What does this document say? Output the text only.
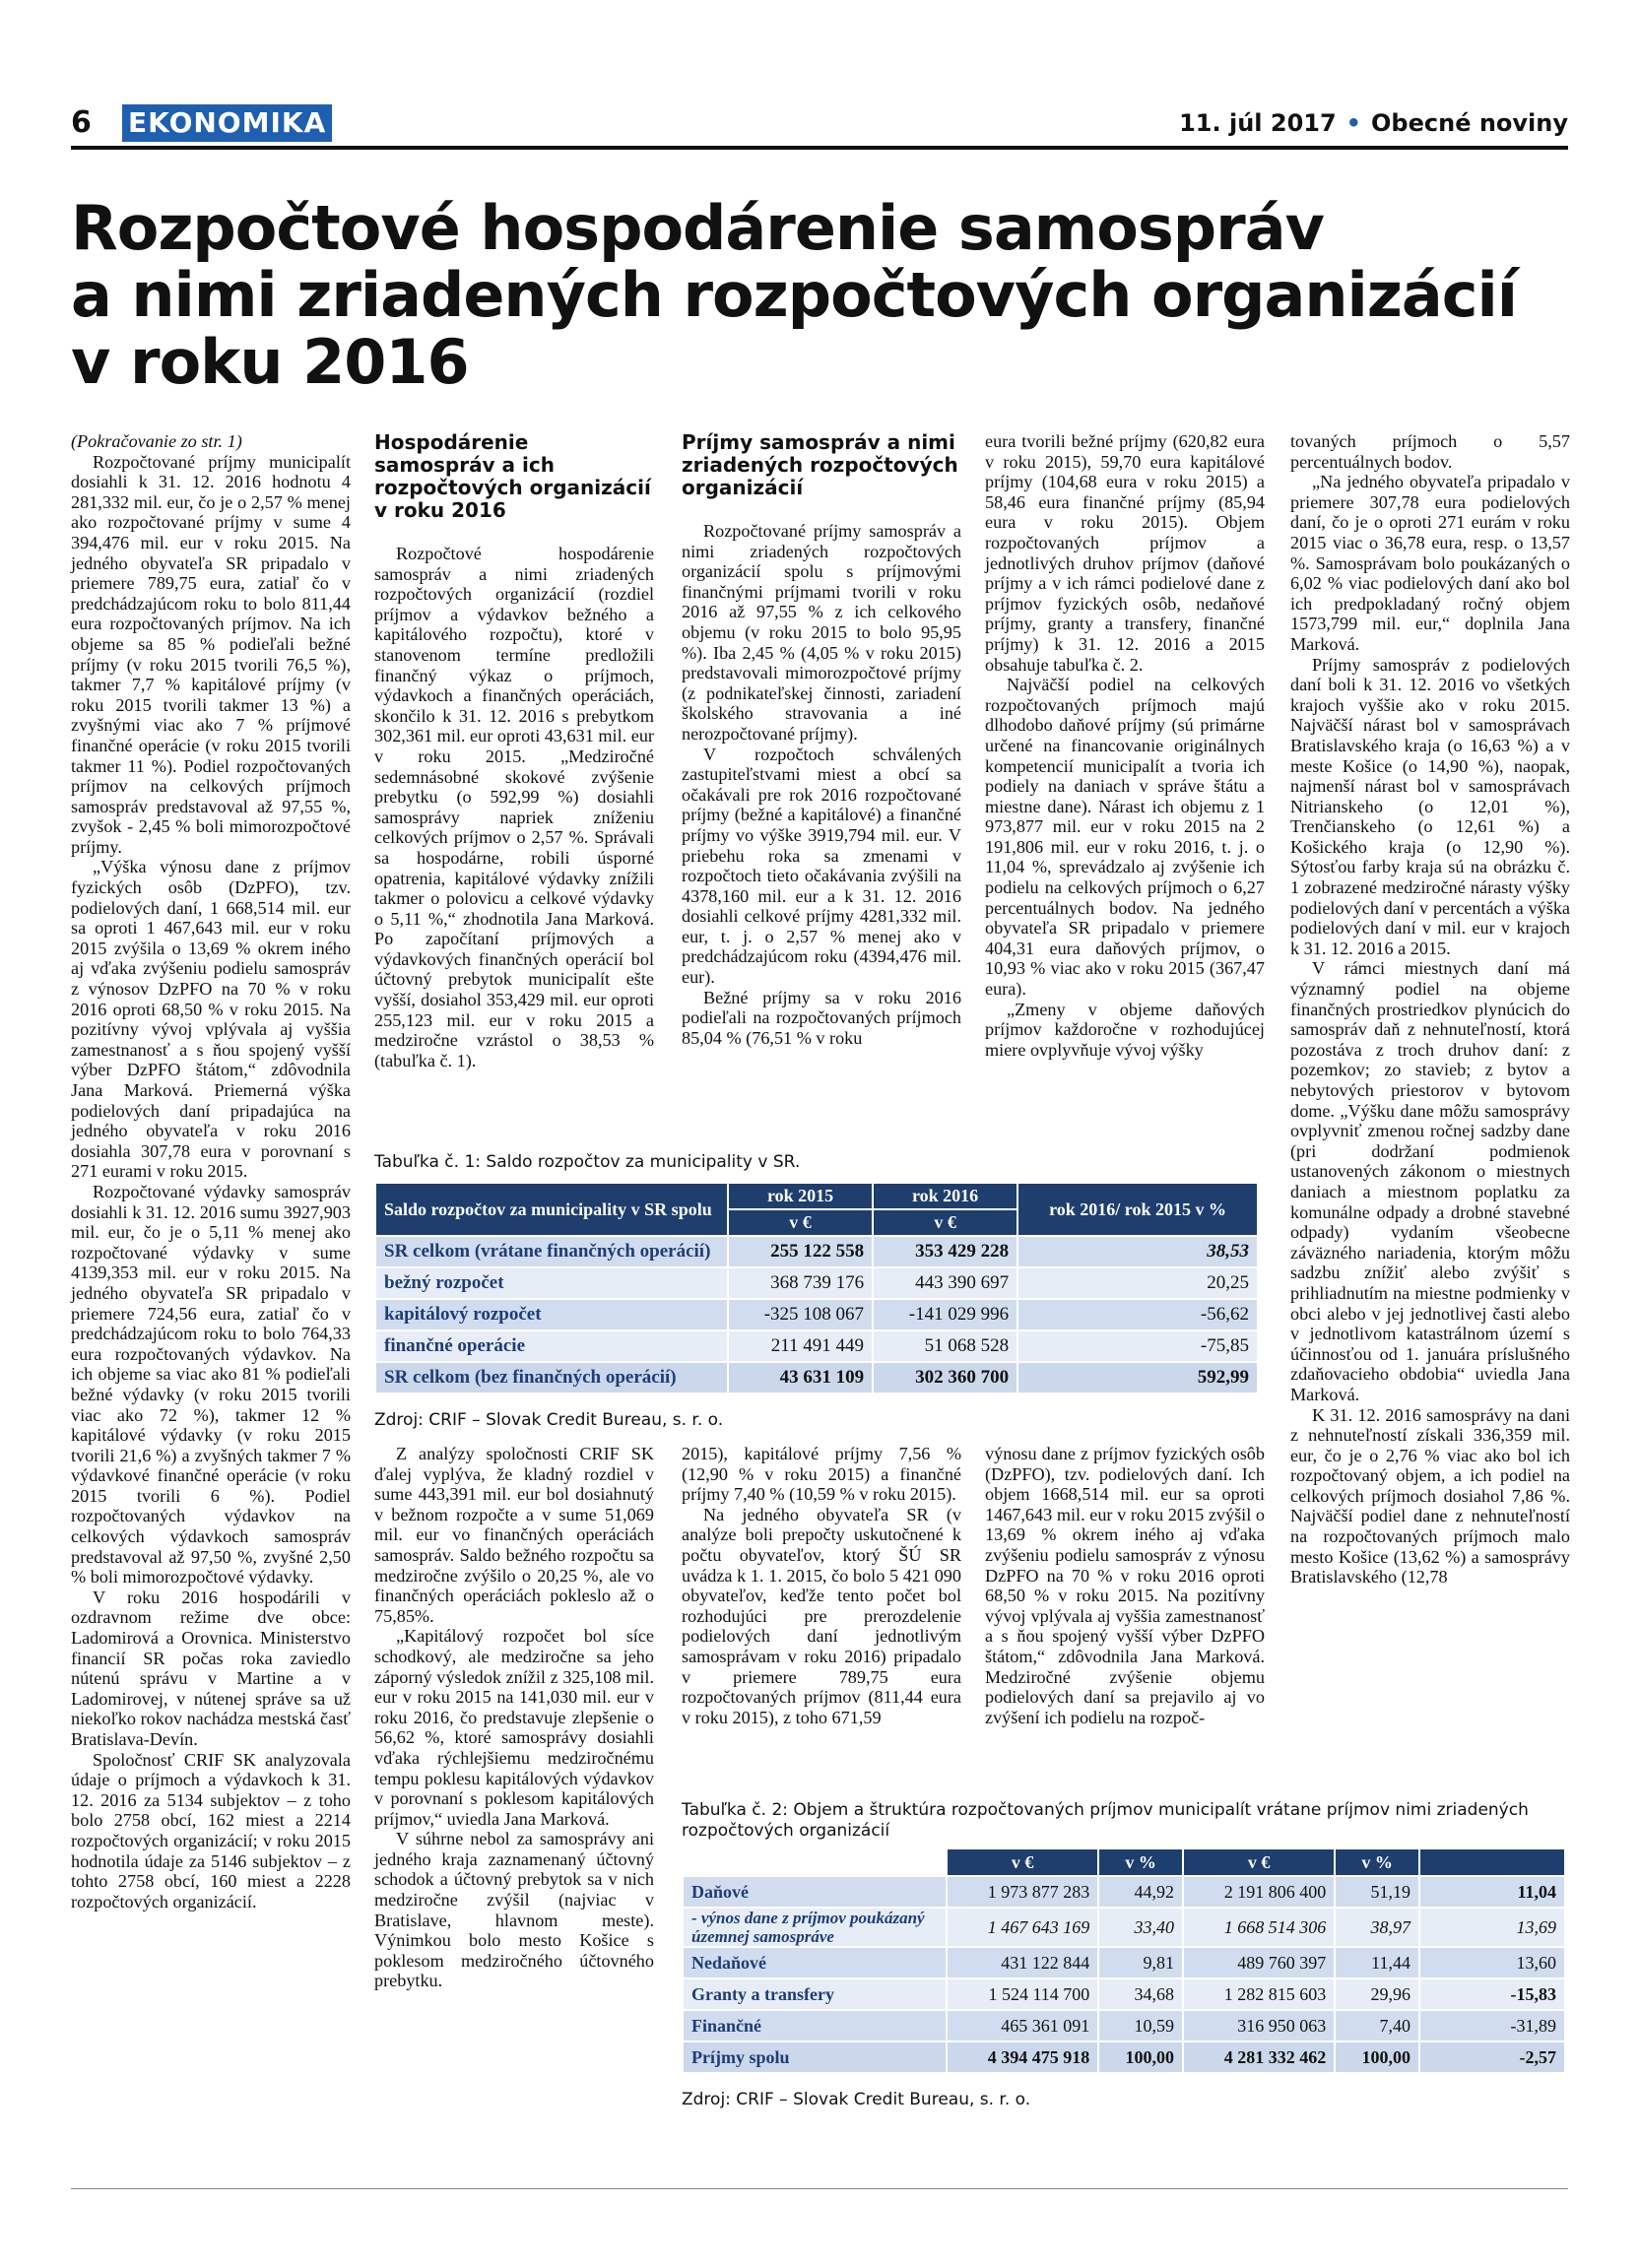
6 EKONOMIKA	11. júl 2017 • Obecné noviny
Rozpočtové hospodárenie samospráv
a nimi zriadených rozpočtových organizácií
v roku 2016

(Pokračovanie zo str. 1)

Rozpočtované príjmy municipalít dosiahli k 31. 12. 2016 hodnotu 4 281,332 mil. eur, čo je o 2,57 % menej ako rozpočtované príjmy v sume 4 394,476 mil. eur v roku 2015. Na jedného obyvateľa SR pripadalo v priemere 789,75 eura, zatiaľ čo v predchádzajúcom roku to bolo 811,44 eura rozpočtovaných príjmov. Na ich objeme sa 85 % podieľali bežné príjmy (v roku 2015 tvorili 76,5 %), takmer 7,7 % kapitálové príjmy (v roku 2015 tvorili takmer 13 %) a zvyšnými viac ako 7 % príjmové finančné operácie (v roku 2015 tvorili takmer 11 %). Podiel rozpočtovaných príjmov na celkových príjmoch samospráv predstavoval až 97,55 %, zvyšok - 2,45 % boli mimorozpočtové príjmy.

„Výška výnosu dane z príjmov fyzických osôb (DzPFO), tzv. podielových daní, 1 668,514 mil. eur sa oproti 1 467,643 mil. eur v roku 2015 zvýšila o 13,69 % okrem iného aj vďaka zvýšeniu podielu samospráv z výnosov DzPFO na 70 % v roku 2016 oproti 68,50 % v roku 2015. Na pozitívny vývoj vplývala aj vyššia zamestnanosť a s ňou spojený vyšší výber DzPFO štátom,“ zdôvodnila Jana Marková. Priemerná výška podielových daní pripadajúca na jedného obyvateľa v roku 2016 dosiahla 307,78 eura v porovnaní s 271 eurami v roku 2015.

Rozpočtované výdavky samospráv dosiahli k 31. 12. 2016 sumu 3927,903 mil. eur, čo je o 5,11 % menej ako rozpočtované výdavky v sume 4139,353 mil. eur v roku 2015. Na jedného obyvateľa SR pripadalo v priemere 724,56 eura, zatiaľ čo v predchádzajúcom roku to bolo 764,33 eura rozpočtovaných výdavkov. Na ich objeme sa viac ako 81 % podieľali bežné výdavky (v roku 2015 tvorili viac ako 72 %), takmer 12 % kapitálové výdavky (v roku 2015 tvorili 21,6 %) a zvyšných takmer 7 % výdavkové finančné operácie (v roku 2015 tvorili 6 %). Podiel rozpočtovaných výdavkov na celkových výdavkoch samospráv predstavoval až 97,50 %, zvyšné 2,50 % boli mimorozpočtové výdavky.

V roku 2016 hospodárili v ozdravnom režime dve obce: Ladomirová a Orovnica. Ministerstvo financií SR počas roka zaviedlo nútenú správu v Martine a v Ladomirovej, v nútenej správe sa už niekoľko rokov nachádza mestská časť Bratislava-Devín.

Spoločnosť CRIF SK analyzovala údaje o príjmoch a výdavkoch k 31. 12. 2016 za 5134 subjektov – z toho bolo 2758 obcí, 162 miest a 2214 rozpočtových organizácií; v roku 2015 hodnotila údaje za 5146 subjektov – z tohto 2758 obcí, 160 miest a 2228 rozpočtových organizácií.

Hospodárenie samospráv a ich rozpočtových organizácií v roku 2016

Rozpočtové hospodárenie samospráv a nimi zriadených rozpočtových organizácií (rozdiel príjmov a výdavkov bežného a kapitálového rozpočtu), ktoré v stanovenom termíne predložili finančný výkaz o príjmoch, výdavkoch a finančných operáciách, skončilo k 31. 12. 2016 s prebytkom 302,361 mil. eur oproti 43,631 mil. eur v roku 2015. „Medziročné sedemnásobné skokové zvýšenie prebytku (o 592,99 %) dosiahli samosprávy napriek zníženiu celkových príjmov o 2,57 %. Správali sa hospodárne, robili úsporné opatrenia, kapitálové výdavky znížili takmer o polovicu a celkové výdavky o 5,11 %,“ zhodnotila Jana Marková. Po započítaní príjmových a výdavkových finančných operácií bol účtovný prebytok municipalít ešte vyšší, dosiahol 353,429 mil. eur oproti 255,123 mil. eur v roku 2015 a medziročne vzrástol o 38,53 % (tabuľka č. 1).

Príjmy samospráv a nimi zriadených rozpočtových organizácií

Rozpočtované príjmy samospráv a nimi zriadených rozpočtových organizácií spolu s príjmovými finančnými príjmami tvorili v roku 2016 až 97,55 % z ich celkového objemu (v roku 2015 to bolo 95,95 %). Iba 2,45 % (4,05 % v roku 2015) predstavovali mimorozpočtové príjmy (z podnikateľskej činnosti, zariadení školského stravovania a iné nerozpočtované príjmy).

V rozpočtoch schválených zastupiteľstvami miest a obcí sa očakávali pre rok 2016 rozpočtované príjmy (bežné a kapitálové) a finančné príjmy vo výške 3919,794 mil. eur. V priebehu roka sa zmenami v rozpočtoch tieto očakávania zvýšili na 4378,160 mil. eur a k 31. 12. 2016 dosiahli celkové príjmy 4281,332 mil. eur, t. j. o 2,57 % menej ako v predchádzajúcom roku (4394,476 mil. eur).

Bežné príjmy sa v roku 2016 podieľali na rozpočtovaných príjmoch 85,04 % (76,51 % v roku

eura tvorili bežné príjmy (620,82 eura v roku 2015), 59,70 eura kapitálové príjmy (104,68 eura v roku 2015) a 58,46 eura finančné príjmy (85,94 eura v roku 2015). Objem rozpočtovaných príjmov a jednotlivých druhov príjmov (daňové príjmy a v ich rámci podielové dane z príjmov fyzických osôb, nedaňové príjmy, granty a transfery, finančné príjmy) k 31. 12. 2016 a 2015 obsahuje tabuľka č. 2.

Najväčší podiel na celkových rozpočtovaných príjmoch majú dlhodobo daňové príjmy (sú primárne určené na financovanie originálnych kompetencií municipalít a tvoria ich podiely na daniach v správe štátu a miestne dane). Nárast ich objemu z 1 973,877 mil. eur v roku 2015 na 2 191,806 mil. eur v roku 2016, t. j. o 11,04 %, sprevádzalo aj zvýšenie ich podielu na celkových príjmoch o 6,27 percentuálnych bodov. Na jedného obyvateľa SR pripadalo v priemere 404,31 eura daňových príjmov, o 10,93 % viac ako v roku 2015 (367,47 eura).

„Zmeny v objeme daňových príjmov každoročne v rozhodujúcej miere ovplyvňuje vývoj výšky

tovaných príjmoch o 5,57 percentuálnych bodov.

„Na jedného obyvateľa pripadalo v priemere 307,78 eura podielových daní, čo je o oproti 271 eurám v roku 2015 viac o 36,78 eura, resp. o 13,57 %. Samosprávam bolo poukázaných o 6,02 % viac podielových daní ako bol ich predpokladaný ročný objem 1573,799 mil. eur,“ doplnila Jana Marková.

Príjmy samospráv z podielových daní boli k 31. 12. 2016 vo všetkých krajoch vyššie ako v roku 2015. Najväčší nárast bol v samosprávach Bratislavského kraja (o 16,63 %) a v meste Košice (o 14,90 %), naopak, najmenší nárast bol v samosprávach Nitrianskeho (o 12,01 %), Trenčianskeho (o 12,61 %) a Košického kraja (o 12,90 %). Sýtosťou farby kraja sú na obrázku č. 1 zobrazené medziročné nárasty výšky podielových daní v percentách a výška podielových daní v mil. eur v krajoch k 31. 12. 2016 a 2015.

V rámci miestnych daní má významný podiel na objeme finančných prostriedkov plynúcich do samospráv daň z nehnuteľností, ktorá pozostáva z troch druhov daní: z pozemkov; zo stavieb; z bytov a nebytových priestorov v bytovom dome. „Výšku dane môžu samosprávy ovplyvniť zmenou ročnej sadzby dane (pri dodržaní podmienok ustanovených zákonom o miestnych daniach a miestnom poplatku za komunálne odpady a drobné stavebné odpady) vydaním všeobecne záväzného nariadenia, ktorým môžu sadzbu znížiť alebo zvýšiť s prihliadnutím na miestne podmienky v obci alebo v jej jednotlivej časti alebo v jednotlivom katastrálnom území s účinnosťou od 1. januára príslušného zdaňovacieho obdobia“ uviedla Jana Marková.

K 31. 12. 2016 samosprávy na dani z nehnuteľností získali 336,359 mil. eur, čo je o 2,76 % viac ako bol ich rozpočtovaný objem, a ich podiel na celkových príjmoch dosiahol 7,86 %. Najväčší podiel dane z nehnuteľností na rozpočtovaných príjmoch malo mesto Košice (13,62 %) a samosprávy Bratislavského (12,78

Tabuľka č. 1: Saldo rozpočtov za municipality v SR.
Saldo rozpočtov za municipality v SR spolu	rok 2015	rok 2016	rok 2016/ rok 2015 v %
	v €	v €	
SR celkom (vrátane finančných operácií)	255 122 558	353 429 228	38,53
bežný rozpočet	368 739 176	443 390 697	20,25
kapitálový rozpočet	-325 108 067	-141 029 996	-56,62
finančné operácie	211 491 449	51 068 528	-75,85
SR celkom (bez finančných operácií)	43 631 109	302 360 700	592,99
Zdroj: CRIF – Slovak Credit Bureau, s. r. o.

Z analýzy spoločnosti CRIF SK ďalej vyplýva, že kladný rozdiel v sume 443,391 mil. eur bol dosiahnutý v bežnom rozpočte a v sume 51,069 mil. eur vo finančných operáciách samospráv. Saldo bežného rozpočtu sa medziročne zvýšilo o 20,25 %, ale vo finančných operáciách pokleslo až o 75,85%.

„Kapitálový rozpočet bol síce schodkový, ale medziročne sa jeho záporný výsledok znížil z 325,108 mil. eur v roku 2015 na 141,030 mil. eur v roku 2016, čo predstavuje zlepšenie o 56,62 %, ktoré samosprávy dosiahli vďaka rýchlejšiemu medziročnému tempu poklesu kapitálových výdavkov v porovnaní s poklesom kapitálových príjmov,“ uviedla Jana Marková.

V súhrne nebol za samosprávy ani jedného kraja zaznamenaný účtovný schodok a účtovný prebytok sa v nich medziročne zvýšil (najviac v Bratislave, hlavnom meste). Výnimkou bolo mesto Košice s poklesom medziročného účtovného prebytku.

2015), kapitálové príjmy 7,56 % (12,90 % v roku 2015) a finančné príjmy 7,40 % (10,59 % v roku 2015).

Na jedného obyvateľa SR (v analýze boli prepočty uskutočnené k počtu obyvateľov, ktorý ŠÚ SR uvádza k 1. 1. 2015, čo bolo 5 421 090 obyvateľov, keďže tento počet bol rozhodujúci pre prerozdelenie podielových daní jednotlivým samosprávam v roku 2016) pripadalo v priemere 789,75 eura rozpočtovaných príjmov (811,44 eura v roku 2015), z toho 671,59

výnosu dane z príjmov fyzických osôb (DzPFO), tzv. podielových daní. Ich objem 1668,514 mil. eur sa oproti 1467,643 mil. eur v roku 2015 zvýšil o 13,69 % okrem iného aj vďaka zvýšeniu podielu samospráv z výnosu DzPFO na 70 % v roku 2016 oproti 68,50 % v roku 2015. Na pozitívny vývoj vplývala aj vyššia zamestnanosť a s ňou spojený vyšší výber DzPFO štátom,“ zdôvodnila Jana Marková. Medziročné zvýšenie objemu podielových daní sa prejavilo aj vo zvýšení ich podielu na rozpoč-

Tabuľka č. 2: Objem a štruktúra rozpočtovaných príjmov municipalít vrátane príjmov nimi zriadených rozpočtových organizácií
	v €	v %	v €	v %	
Daňové	1 973 877 283	44,92	2 191 806 400	51,19	11,04
- výnos dane z príjmov poukázaný územnej samospráve	1 467 643 169	33,40	1 668 514 306	38,97	13,69
Nedaňové	431 122 844	9,81	489 760 397	11,44	13,60
Granty a transfery	1 524 114 700	34,68	1 282 815 603	29,96	-15,83
Finančné	465 361 091	10,59	316 950 063	7,40	-31,89
Príjmy spolu	4 394 475 918	100,00	4 281 332 462	100,00	-2,57
Zdroj: CRIF – Slovak Credit Bureau, s. r. o.
